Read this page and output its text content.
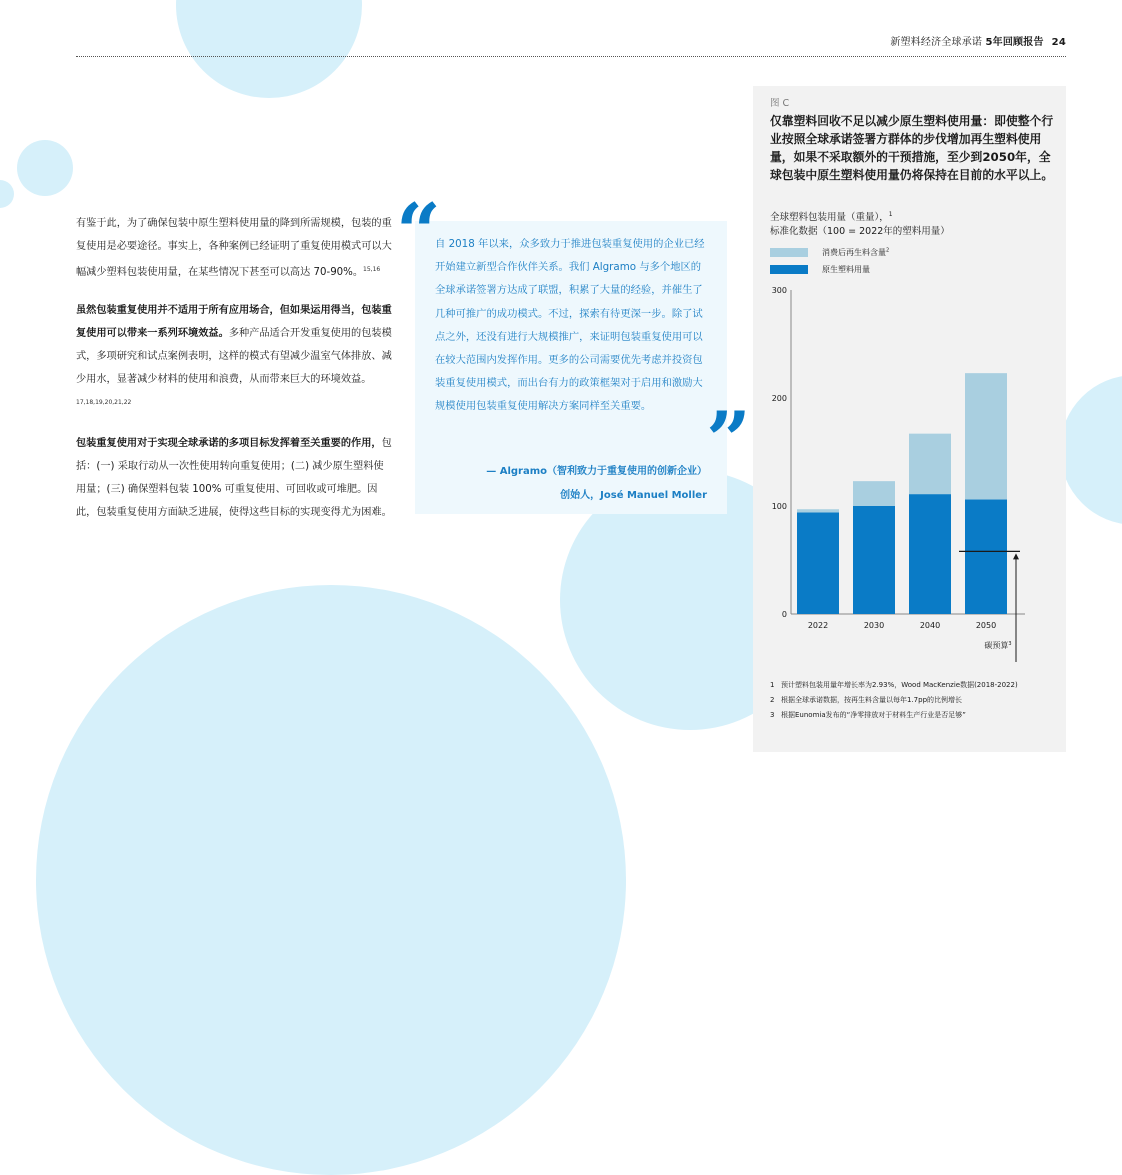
新塑料经济全球承诺 5年回顾报告 24

有鉴于此，为了确保包装中原生塑料使用量的降到所需规模，包装的重复使用是必要途径。事实上，各种案例已经证明了重复使用模式可以大幅减少塑料包装使用量，在某些情况下甚至可以高达 70-90%。$^{15,16}$

虽然包装重复使用并不适用于所有应用场合，但如果运用得当，包装重复使用可以带来一系列环境效益。多种产品适合开发重复使用的包装模式，多项研究和试点案例表明，这样的模式有望减少温室气体排放、减少用水，显著减少材料的使用和浪费，从而带来巨大的环境效益。$^{17,18,19,20,21,22}$

包装重复使用对于实现全球承诺的多项目标发挥着至关重要的作用，包括：(一) 采取行动从一次性使用转向重复使用；(二) 减少原生塑料使用量；(三) 确保塑料包装 100% 可重复使用、可回收或可堆肥。因此，包装重复使用方面缺乏进展，使得这些目标的实现变得尤为困难。

“
自 2018 年以来，众多致力于推进包装重复使用的企业已经开始建立新型合作伙伴关系。我们 Algramo 与多个地区的全球承诺签署方达成了联盟，积累了大量的经验，并催生了几种可推广的成功模式。不过，探索有待更深一步。除了试点之外，还没有进行大规模推广，来证明包装重复使用可以在较大范围内发挥作用。更多的公司需要优先考虑并投资包装重复使用模式，而出台有力的政策框架对于启用和激励大规模使用包装重复使用解决方案同样至关重要。 ”
— Algramo（智利致力于重复使用的创新企业）
创始人，José Manuel Moller
图 C
仅靠塑料回收不足以减少原生塑料使用量：即使整个行业按照全球承诺签署方群体的步伐增加再生塑料使用量，如果不采取额外的干预措施，至少到2050年，全球包装中原生塑料使用量仍将保持在目前的水平以上。
全球塑料包装用量（重量），$^1$
标准化数据（100 = 2022年的塑料用量）
消费后再生料含量$^2$
原生塑料用量
0
100
200
300
2022	2030	2040	2050
碳预算$^3$
1 预计塑料包装用量年增长率为2.93%，Wood MacKenzie数据(2018-2022)
2 根据全球承诺数据，按再生料含量以每年1.7pp的比例增长
3 根据Eunomia发布的“净零排放对于材料生产行业是否足够”
